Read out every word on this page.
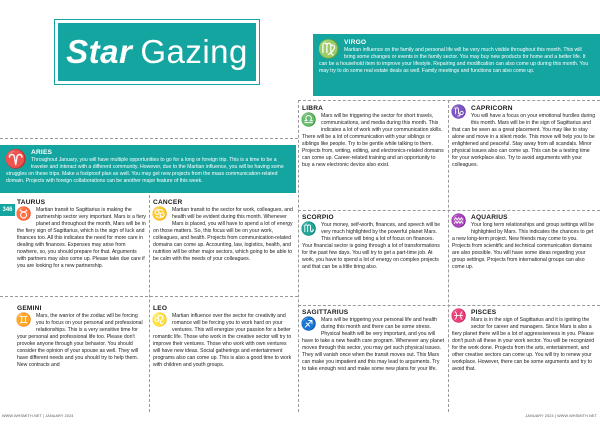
Star Gazing	♍ VIRGO
Martian influence on the family and personal life will be very much visible throughout this month. This will bring some changes or events in the family sector. You may buy new products for home and a better life. It can be a household item to improve your lifestyle. Repairing and modification can also come up during this month. You may try to do some real estate deals as well. Family meetings and functions can also come up.
♈ ARIES
Throughout January, you will have multiple opportunities to go for a long or foreign trip. This is a time to be a traveler and interact with a different community. However, due to the Martian influence, you will be having some struggles on these trips. Make a foolproof plan as well. You may get new projects from the mass communication-related domain. Projects with foreign collaborations can be another major feature of this week.
346
TAURUS
♉ Martian transit to Sagittarius is making the partnership sector very important. Mars is a fiery planet and throughout the month, Mars will be in the fiery sign of Sagittarius, which is the sign of luck and finances too. All this indicates the need for more care in dealing with finances. Expenses may arise from nowhere, so, you should prepare for that. Arguments with partners may also come up. Please take due care if you are looking for a new partnership.
CANCER
♋ Martian transit to the sector for work, colleagues, and health will be evident during this month. Whenever Mars is placed, you will have to spend a lot of energy on those matters. So, this focus will be on your work, colleagues, and health. Projects from communication-related domains can come up. Accounting, law, logistics, health, and nutrition will be other major sectors, which going to be able to be calm with the needs of your colleagues.
GEMINI
♊ Mars, the warrior of the zodiac will be forcing you to focus on your personal and professional relationships. This is a very sensitive time for your personal and professional life too. Please don't provoke anyone through your behavior. You should consider the opinion of your spouse as well. They will have different needs and you should try to help them. New contracts and
LEO
♌ Martian influence over the sector for creativity and romance will be forcing you to work hard on your ventures. This will energize your passion for a better romantic life. Those who work in the creative sector will try to improve their ventures. Those who work with own ventures will have new ideas. Social gatherings and entertainment programs also can come up. This is also a good time to work with children and youth groups.
LIBRA
♎ Mars will be triggering the sector for short travels, communications, and media during this month. This indicates a lot of work with your communication skills. There will be a lot of communication with your siblings or siblings like people. Try to be gentle while talking to them. Projects from, writing, editing, and electronics-related domains can come up. Career-related training and an opportunity to buy a new electronic device also exist.
♑ CAPRICORN
You will have a focus on your emotional hurdles during this month. Mars will be in the sign of Sagittarius and that can be seen as a great placement. You may like to stay alone and move in a silent mode. This move will help you to be enlightened and peaceful. Stay away from all scandals. Minor physical issues also can come up. This can be a testing time for your workplace also. Try to avoid arguments with your colleagues.
SCORPIO
♏ Your money, self-worth, finances, and speech will be very much highlighted by the powerful planet Mars. This influence will bring a lot of focus on finances. Your financial sector is going through a lot of transformations for the past few days. You will try to get a part-time job. At work, you have to spend a lot of energy on complex projects and that can be a little tiring also.
♒ AQUARIUS
Your long term relationships and group settings will be highlighted by Mars. This indicates the chances to get a new long-term project. New friends may come to you. Projects from scientific and technical communication domains are also possible. You will have some ideas regarding your group settings. Projects from international groups can also come up.
SAGITTARIUS
♐ Mars will be triggering your personal life and health during this month and there can be some stress. Physical health will be very important, and you will have to take a new health care program. Whenever any planet moves through this sector, you may get such physical issues. They will vanish once when the transit moves out. This Mars can make you impatient and this may lead to arguments. Try to take enough rest and make some new plans for your life.
♓ PISCES
Mars is in the sign of Sagittarius and it is igniting the sector for career and managers. Since Mars is also a fiery planet there will be a lot of aggressiveness in you. Please don't push all these in your work sector. You will be recognized for the work done. Projects from the arts, entertainment, and other creative sectors can come up. You will try to renew your workplace. However, there can be some arguments and try to avoid that.
WWW.WHSMITH.NET | JANUARY 2024	JANUARY 2024 | WWW.WHSMITH.NET
